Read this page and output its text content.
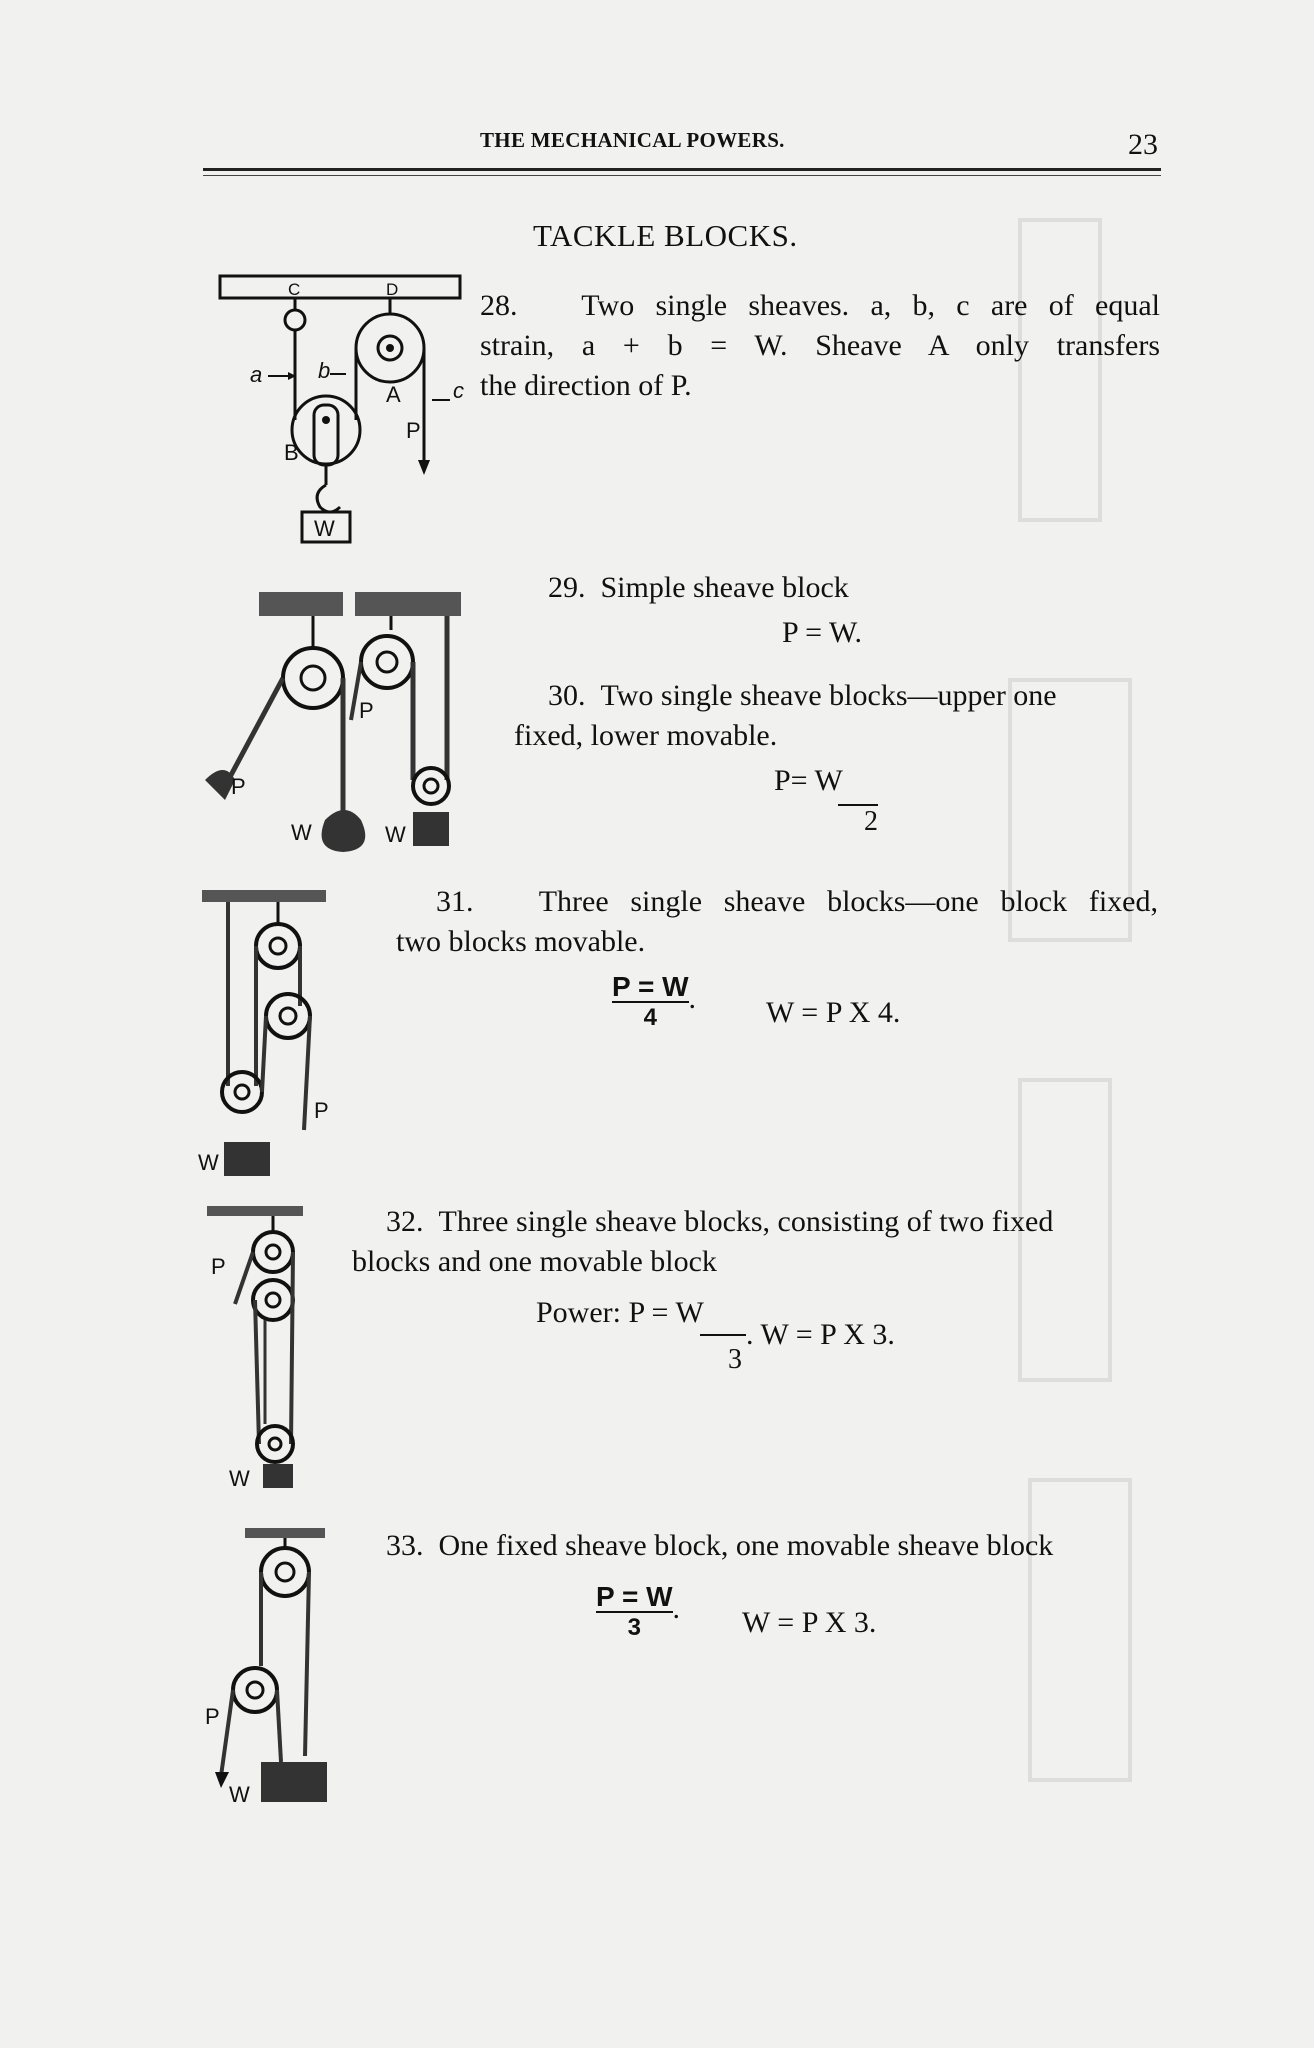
THE MECHANICAL POWERS.	23
TACKLE BLOCKS.
C	D
W
a	b
A c
P
B
28. Two single sheaves. a, b, c are of equal
strain, a + b = W. Sheave A only transfers
the direction of P.
P
W
P
W
29. Simple sheave block
P = W.
30. Two single sheave blocks—upper one
fixed, lower movable.
P= W
2
P
W
31. Three single sheave blocks—one block fixed,
two blocks movable.
$\frac{P = W}{4}$ . W = P X 4.
P
W
32. Three single sheave blocks, consisting of two fixed
blocks and one movable block
Power: P = W
3
. W = P X 3.
P
W
33. One fixed sheave block, one movable sheave block
$\frac{P = W}{3}$ . W = P X 3.
